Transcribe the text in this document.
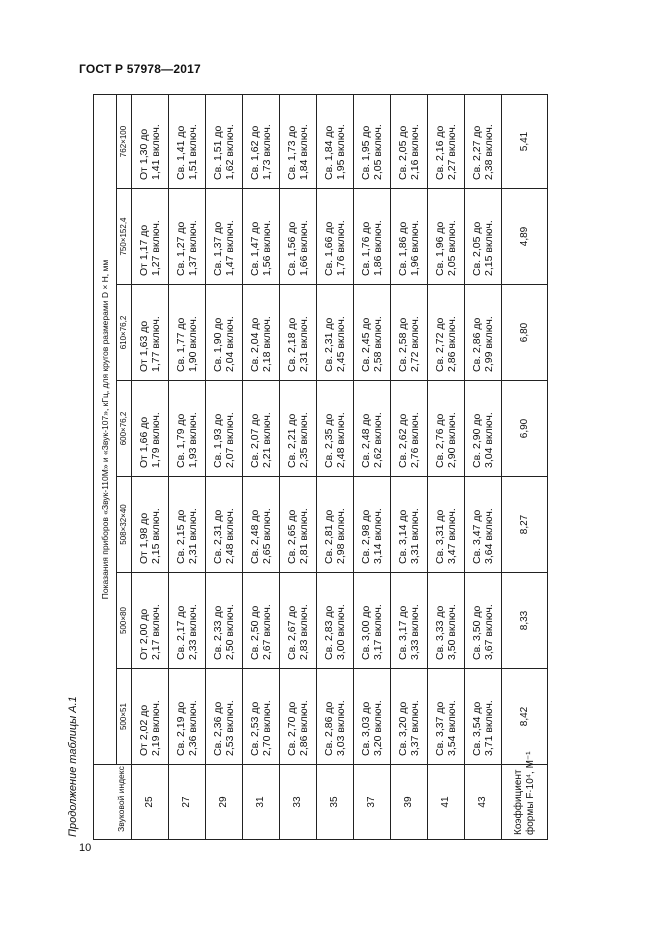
ГОСТ Р 57978—2017
10
Продолжение таблицы А.1	Звуковой индекс	Показания приборов «Звук-110М» и «Звук-107», кГц, для кругов размерами D × H, мм						
	500×51	500×80	508×32×40	600×76,2	610×76,2	750×152,4	762×100
25	От 2,02 до 2,19 включ.	От 2,00 до 2,17 включ.	От 1,98 до 2,15 включ.	От 1,66 до 1,79 включ.	От 1,63 до 1,77 включ.	От 1,17 до 1,27 включ.	От 1,30 до 1,41 включ.

27	Св. 2,19 до 2,36 включ.	Св. 2,17 до 2,33 включ.	Св. 2,15 до 2,31 включ.	Св. 1,79 до 1,93 включ.	Св. 1,77 до 1,90 включ.	Св. 1,27 до 1,37 включ.	Св. 1,41 до 1,51 включ.

29	Св. 2,36 до 2,53 включ.	Св. 2,33 до 2,50 включ.	Св. 2,31 до 2,48 включ.	Св. 1,93 до 2,07 включ.	Св. 1,90 до 2,04 включ.	Св. 1,37 до 1,47 включ.	Св. 1,51 до 1,62 включ.

31	Св. 2,53 до 2,70 включ.	Св. 2,50 до 2,67 включ.	Св. 2,48 до 2,65 включ.	Св. 2,07 до 2,21 включ.	Св. 2,04 до 2,18 включ.	Св. 1,47 до 1,56 включ.	Св. 1,62 до 1,73 включ.

33	Св. 2,70 до 2,86 включ.	Св. 2,67 до 2,83 включ.	Св. 2,65 до 2,81 включ.	Св. 2,21 до 2,35 включ.	Св. 2,18 до 2,31 включ.	Св. 1,56 до 1,66 включ.	Св. 1,73 до 1,84 включ.

35	Св. 2,86 до 3,03 включ.	Св. 2,83 до 3,00 включ.	Св. 2,81 до 2,98 включ.	Св. 2,35 до 2,48 включ.	Св. 2,31 до 2,45 включ.	Св. 1,66 до 1,76 включ.	Св. 1,84 до 1,95 включ.

37	Св. 3,03 до 3,20 включ.	Св. 3,00 до 3,17 включ.	Св. 2,98 до 3,14 включ.	Св. 2,48 до 2,62 включ.	Св. 2,45 до 2,58 включ.	Св. 1,76 до 1,86 включ.	Св. 1,95 до 2,05 включ.

39	Св. 3,20 до 3,37 включ.	Св. 3,17 до 3,33 включ.	Св. 3,14 до 3,31 включ.	Св. 2,62 до 2,76 включ.	Св. 2,58 до 2,72 включ.	Св. 1,86 до 1,96 включ.	Св. 2,05 до 2,16 включ.

41	Св. 3,37 до 3,54 включ.	Св. 3,33 до 3,50 включ.	Св. 3,31 до 3,47 включ.	Св. 2,76 до 2,90 включ.	Св. 2,72 до 2,86 включ.	Св. 1,96 до 2,05 включ.	Св. 2,16 до 2,27 включ.

43	Св. 3,54 до 3,71 включ.	Св. 3,50 до 3,67 включ.	Св. 3,47 до 3,64 включ.	Св. 2,90 до 3,04 включ.	Св. 2,86 до 2,99 включ.	Св. 2,05 до 2,15 включ.	Св. 2,27 до 2,38 включ.

Коэффициент формы F·10⁴, М⁻¹	8,42	8,33	8,27	6,90	6,80	4,89	5,41
